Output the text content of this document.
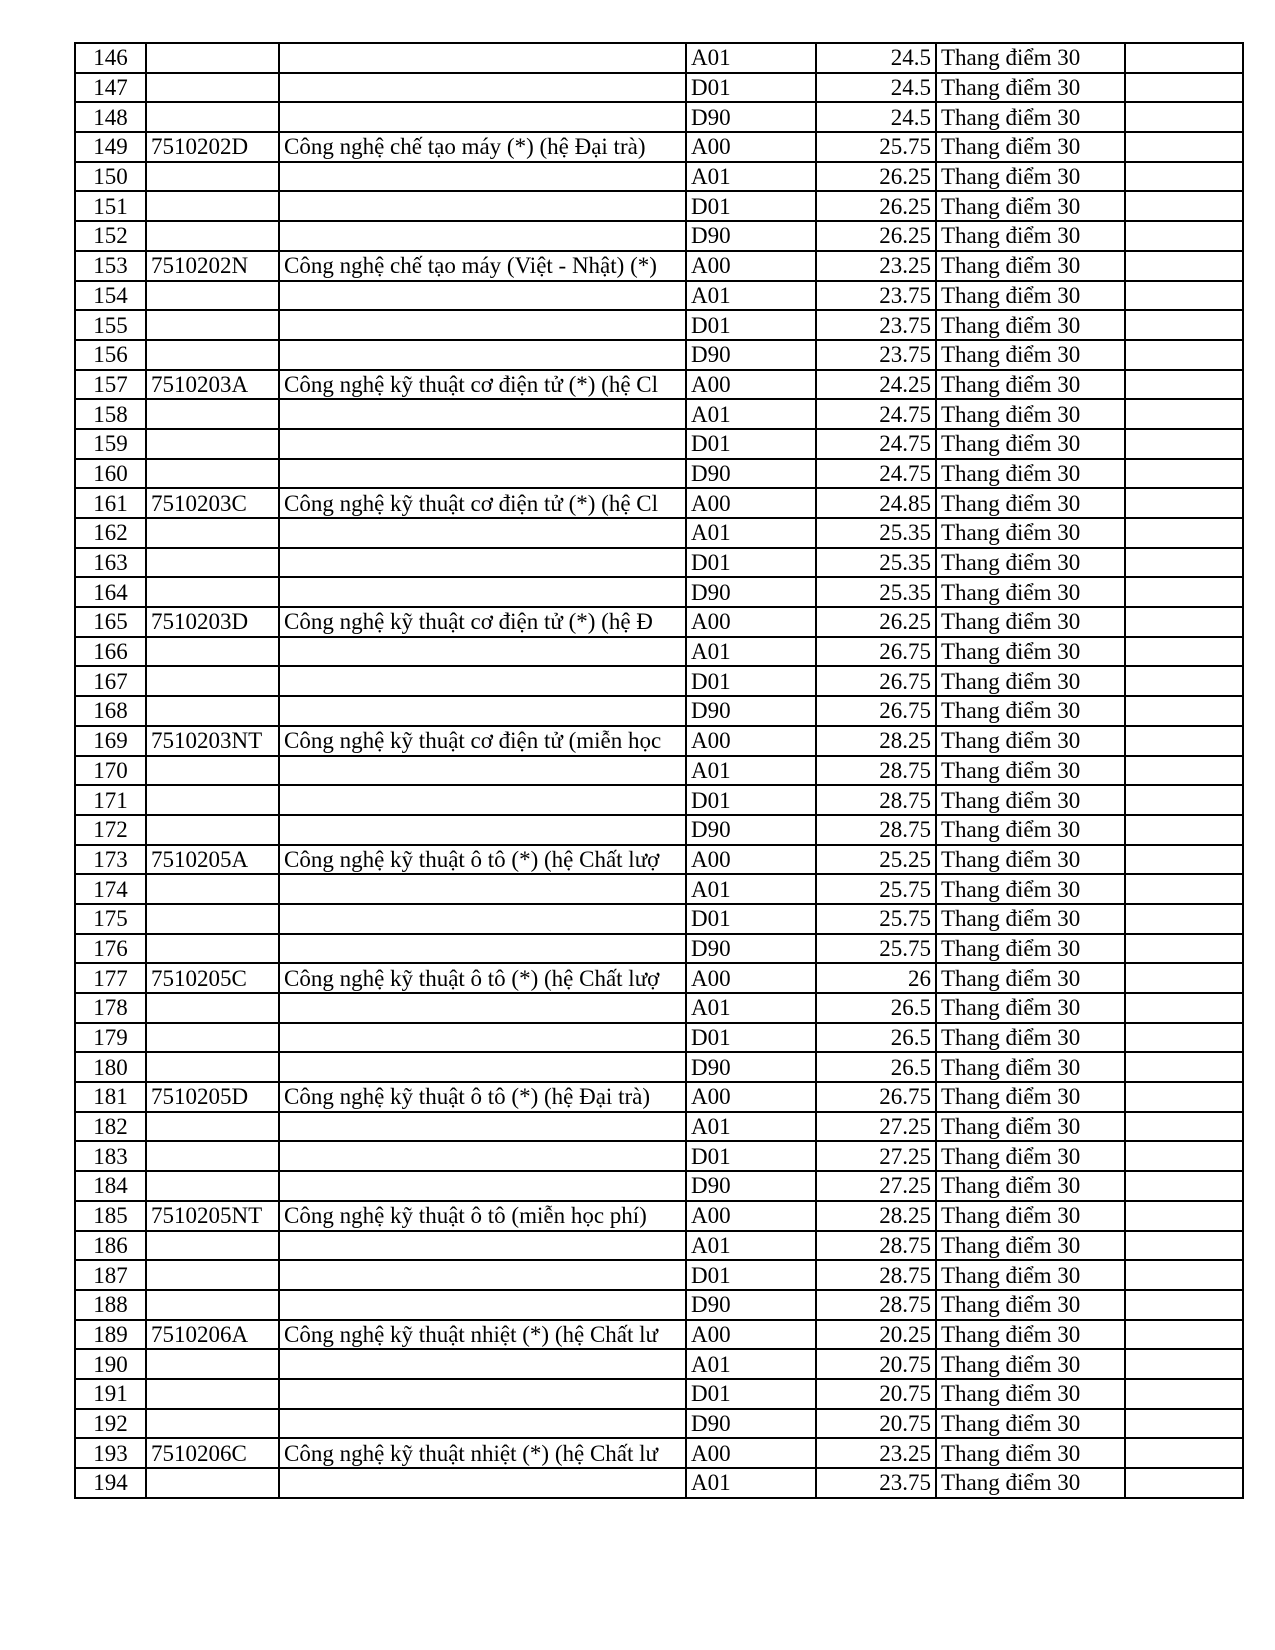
146			A01	24.5	Thang điểm 30	
147			D01	24.5	Thang điểm 30	
148			D90	24.5	Thang điểm 30	
149	7510202D	Công nghệ chế tạo máy (*) (hệ Đại trà)	A00	25.75	Thang điểm 30	
150			A01	26.25	Thang điểm 30	
151			D01	26.25	Thang điểm 30	
152			D90	26.25	Thang điểm 30	
153	7510202N	Công nghệ chế tạo máy (Việt - Nhật) (*)	A00	23.25	Thang điểm 30	
154			A01	23.75	Thang điểm 30	
155			D01	23.75	Thang điểm 30	
156			D90	23.75	Thang điểm 30	
157	7510203A	Công nghệ kỹ thuật cơ điện tử (*) (hệ Cl	A00	24.25	Thang điểm 30	
158			A01	24.75	Thang điểm 30	
159			D01	24.75	Thang điểm 30	
160			D90	24.75	Thang điểm 30	
161	7510203C	Công nghệ kỹ thuật cơ điện tử (*) (hệ Cl	A00	24.85	Thang điểm 30	
162			A01	25.35	Thang điểm 30	
163			D01	25.35	Thang điểm 30	
164			D90	25.35	Thang điểm 30	
165	7510203D	Công nghệ kỹ thuật cơ điện tử (*) (hệ Đ	A00	26.25	Thang điểm 30	
166			A01	26.75	Thang điểm 30	
167			D01	26.75	Thang điểm 30	
168			D90	26.75	Thang điểm 30	
169	7510203NT	Công nghệ kỹ thuật cơ điện tử (miễn học	A00	28.25	Thang điểm 30	
170			A01	28.75	Thang điểm 30	
171			D01	28.75	Thang điểm 30	
172			D90	28.75	Thang điểm 30	
173	7510205A	Công nghệ kỹ thuật ô tô (*) (hệ Chất lượ	A00	25.25	Thang điểm 30	
174			A01	25.75	Thang điểm 30	
175			D01	25.75	Thang điểm 30	
176			D90	25.75	Thang điểm 30	
177	7510205C	Công nghệ kỹ thuật ô tô (*) (hệ Chất lượ	A00	26	Thang điểm 30	
178			A01	26.5	Thang điểm 30	
179			D01	26.5	Thang điểm 30	
180			D90	26.5	Thang điểm 30	
181	7510205D	Công nghệ kỹ thuật ô tô (*) (hệ Đại trà)	A00	26.75	Thang điểm 30	
182			A01	27.25	Thang điểm 30	
183			D01	27.25	Thang điểm 30	
184			D90	27.25	Thang điểm 30	
185	7510205NT	Công nghệ kỹ thuật ô tô (miễn học phí)	A00	28.25	Thang điểm 30	
186			A01	28.75	Thang điểm 30	
187			D01	28.75	Thang điểm 30	
188			D90	28.75	Thang điểm 30	
189	7510206A	Công nghệ kỹ thuật nhiệt (*) (hệ Chất lư	A00	20.25	Thang điểm 30	
190			A01	20.75	Thang điểm 30	
191			D01	20.75	Thang điểm 30	
192			D90	20.75	Thang điểm 30	
193	7510206C	Công nghệ kỹ thuật nhiệt (*) (hệ Chất lư	A00	23.25	Thang điểm 30	
194			A01	23.75	Thang điểm 30	
